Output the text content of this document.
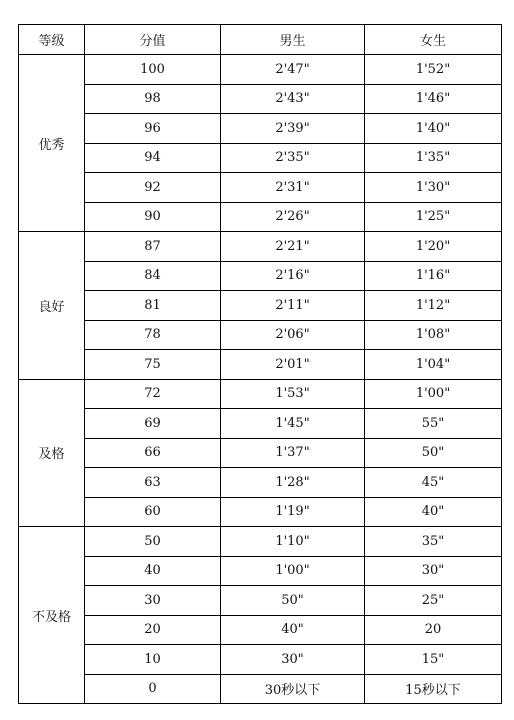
等级	分值	男生	女生
优秀	100	2'47"	1'52"
	98	2'43"	1'46"
	96	2'39"	1'40"
	94	2'35"	1'35"
	92	2'31"	1'30"
	90	2'26"	1'25"
良好	87	2'21"	1'20"
	84	2'16"	1'16"
	81	2'11"	1'12"
	78	2'06"	1'08"
	75	2'01"	1'04"
及格	72	1'53"	1'00"
	69	1'45"	55"
	66	1'37"	50"
	63	1'28"	45"
	60	1'19"	40"
不及格	50	1'10"	35"
	40	1'00"	30"
	30	50"	25"
	20	40"	20
	10	30"	15"
	0	30秒以下	15秒以下
